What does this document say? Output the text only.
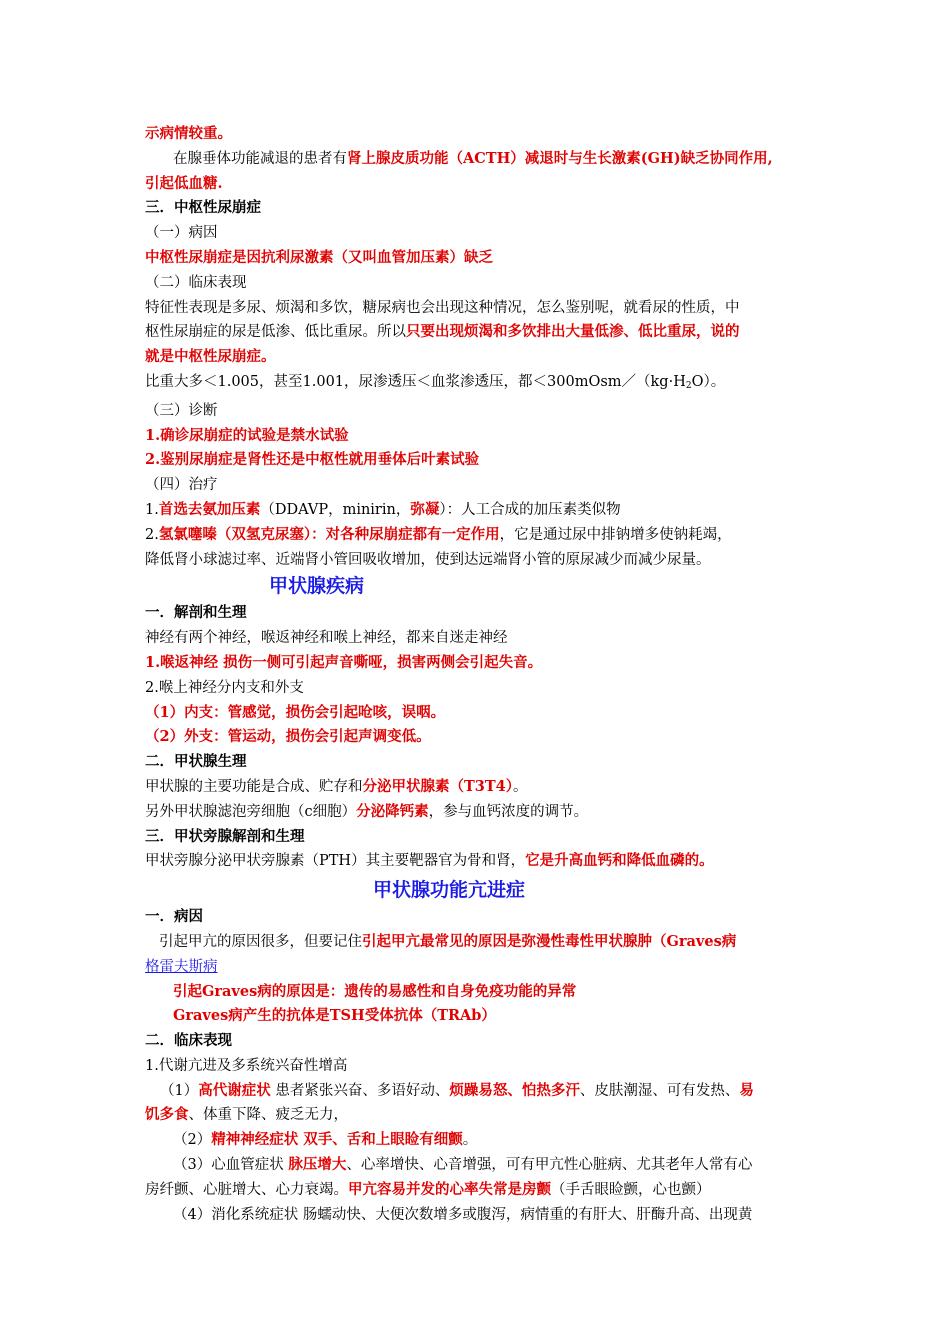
示病情较重。
在腺垂体功能减退的患者有肾上腺皮质功能（ACTH）减退时与生长激素(GH)缺乏协同作用,
引起低血糖.
三．中枢性尿崩症
（一）病因
中枢性尿崩症是因抗利尿激素（又叫血管加压素）缺乏
（二）临床表现
特征性表现是多尿、烦渴和多饮，糖尿病也会出现这种情况，怎么鉴别呢，就看尿的性质，中
枢性尿崩症的尿是低渗、低比重尿。所以只要出现烦渴和多饮排出大量低渗、低比重尿，说的
就是中枢性尿崩症。
比重大多＜1.005，甚至1.001，尿渗透压＜血浆渗透压，都$<300mOsm/(kg\cdot H_2O)$。
（三）诊断
1.确诊尿崩症的试验是禁水试验
2.鉴别尿崩症是肾性还是中枢性就用垂体后叶素试验
（四）治疗
1.首选去氨加压素（DDAVP，minirin，弥凝）：人工合成的加压素类似物
2.氢氯噻嗪（双氢克尿塞）：对各种尿崩症都有一定作用，它是通过尿中排钠增多使钠耗竭，
降低肾小球滤过率、近端肾小管回吸收增加，使到达远端肾小管的原尿减少而减少尿量。
甲状腺疾病
一．解剖和生理
神经有两个神经，喉返神经和喉上神经，都来自迷走神经
1.喉返神经 损伤一侧可引起声音嘶哑，损害两侧会引起失音。
2.喉上神经分内支和外支
（1）内支：管感觉，损伤会引起呛咳，误咽。
（2）外支：管运动，损伤会引起声调变低。
二．甲状腺生理
甲状腺的主要功能是合成、贮存和分泌甲状腺素（T3T4）。
另外甲状腺滤泡旁细胞（c细胞）分泌降钙素，参与血钙浓度的调节。
三．甲状旁腺解剖和生理
甲状旁腺分泌甲状旁腺素（PTH）其主要靶器官为骨和肾，它是升高血钙和降低血磷的。
甲状腺功能亢进症
一．病因
引起甲亢的原因很多，但要记住引起甲亢最常见的原因是弥漫性毒性甲状腺肿（Graves病
格雷夫斯病
引起Graves病的原因是：遗传的易感性和自身免疫功能的异常
Graves病产生的抗体是TSH受体抗体（TRAb）
二．临床表现
1.代谢亢进及多系统兴奋性增高
（1）高代谢症状 患者紧张兴奋、多语好动、烦躁易怒、怕热多汗、皮肤潮湿、可有发热、易
饥多食、体重下降、疲乏无力，
（2）精神神经症状 双手、舌和上眼睑有细颤。
（3）心血管症状 脉压增大、心率增快、心音增强，可有甲亢性心脏病、尤其老年人常有心
房纤颤、心脏增大、心力衰竭。甲亢容易并发的心率失常是房颤（手舌眼睑颤，心也颤）
（4）消化系统症状 肠蠕动快、大便次数增多或腹泻，病情重的有肝大、肝酶升高、出现黄
